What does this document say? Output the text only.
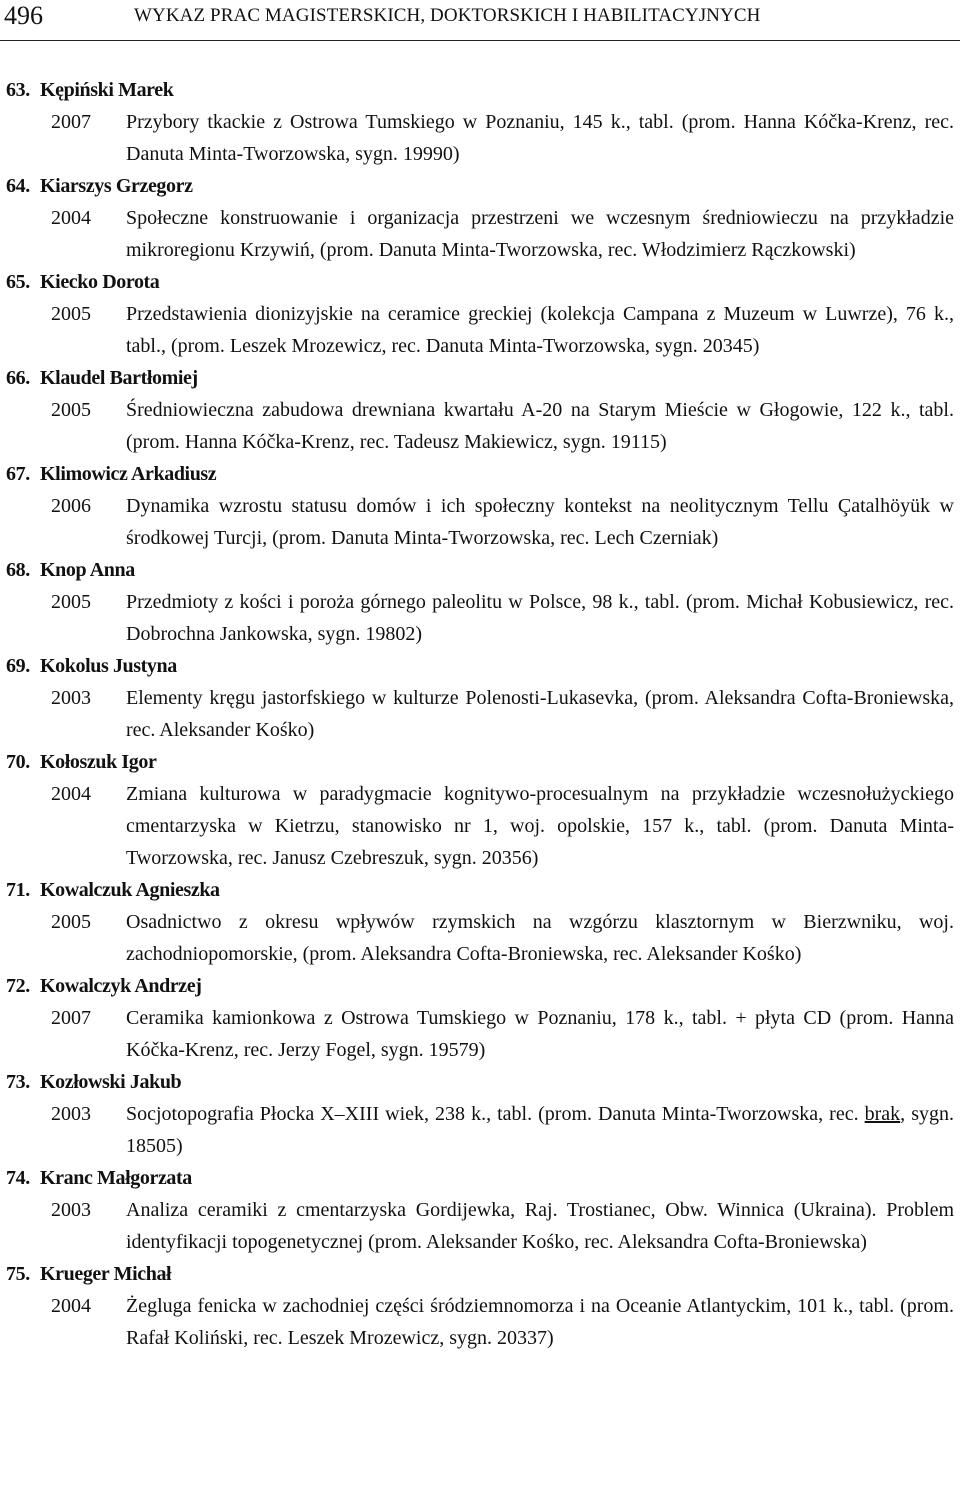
496	WYKAZ PRAC MAGISTERSKICH, DOKTORSKICH I HABILITACYJNYCH
63. Kępiński Marek
2007 Przybory tkackie z Ostrowa Tumskiego w Poznaniu, 145 k., tabl. (prom. Hanna Kóčka-Krenz, rec. Danuta Minta-Tworzowska, sygn. 19990)
64. Kiarszys Grzegorz
2004 Społeczne konstruowanie i organizacja przestrzeni we wczesnym średniowieczu na przykładzie mikroregionu Krzywiń, (prom. Danuta Minta-Tworzowska, rec. Włodzimierz Rączkowski)
65. Kiecko Dorota
2005 Przedstawienia dionizyjskie na ceramice greckiej (kolekcja Campana z Muzeum w Luwrze), 76 k., tabl., (prom. Leszek Mrozewicz, rec. Danuta Minta-Tworzowska, sygn. 20345)
66. Klaudel Bartłomiej
2005 Średniowieczna zabudowa drewniana kwartału A-20 na Starym Mieście w Głogowie, 122 k., tabl. (prom. Hanna Kóčka-Krenz, rec. Tadeusz Makiewicz, sygn. 19115)
67. Klimowicz Arkadiusz
2006 Dynamika wzrostu statusu domów i ich społeczny kontekst na neolitycznym Tellu Çatalhöyük w środkowej Turcji, (prom. Danuta Minta-Tworzowska, rec. Lech Czerniak)
68. Knop Anna
2005 Przedmioty z kości i poroża górnego paleolitu w Polsce, 98 k., tabl. (prom. Michał Kobusiewicz, rec. Dobrochna Jankowska, sygn. 19802)
69. Kokolus Justyna
2003 Elementy kręgu jastorfskiego w kulturze Polenosti-Lukasevka, (prom. Aleksandra Cofta-Broniewska, rec. Aleksander Kośko)
70. Kołoszuk Igor
2004 Zmiana kulturowa w paradygmacie kognitywo-procesualnym na przykładzie wczesnołużyckiego cmentarzyska w Kietrzu, stanowisko nr 1, woj. opolskie, 157 k., tabl. (prom. Danuta Minta-Tworzowska, rec. Janusz Czebreszuk, sygn. 20356)
71. Kowalczuk Agnieszka
2005 Osadnictwo z okresu wpływów rzymskich na wzgórzu klasztornym w Bierzwniku, woj. zachodniopomorskie, (prom. Aleksandra Cofta-Broniewska, rec. Aleksander Kośko)
72. Kowalczyk Andrzej
2007 Ceramika kamionkowa z Ostrowa Tumskiego w Poznaniu, 178 k., tabl. + płyta CD (prom. Hanna Kóčka-Krenz, rec. Jerzy Fogel, sygn. 19579)
73. Kozłowski Jakub
2003 Socjotopografia Płocka X–XIII wiek, 238 k., tabl. (prom. Danuta Minta-Tworzowska, rec. brak, sygn. 18505)
74. Kranc Małgorzata
2003 Analiza ceramiki z cmentarzyska Gordijewka, Raj. Trostianec, Obw. Winnica (Ukraina). Problem identyfikacji topogenetycznej (prom. Aleksander Kośko, rec. Aleksandra Cofta-Broniewska)
75. Krueger Michał
2004 Żegluga fenicka w zachodniej części śródziemnomorza i na Oceanie Atlantyckim, 101 k., tabl. (prom. Rafał Koliński, rec. Leszek Mrozewicz, sygn. 20337)
